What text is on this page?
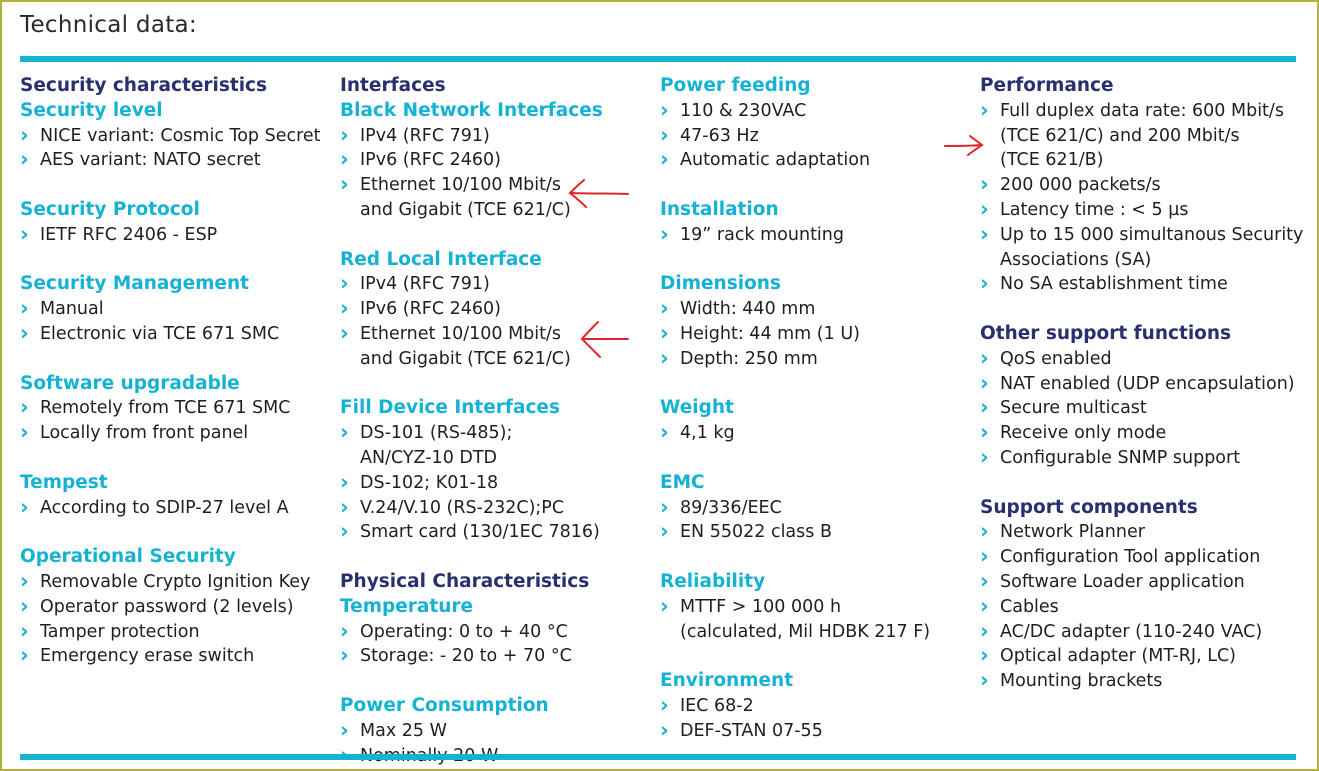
Technical data:
Security characteristics
Security level
› NICE variant: Cosmic Top Secret
› AES variant: NATO secret
Security Protocol
› IETF RFC 2406 - ESP
Security Management
› Manual
› Electronic via TCE 671 SMC
Software upgradable
› Remotely from TCE 671 SMC
› Locally from front panel
Tempest
› According to SDIP-27 level A
Operational Security
› Removable Crypto Ignition Key
› Operator password (2 levels)
› Tamper protection
› Emergency erase switch
Interfaces
Black Network Interfaces
› IPv4 (RFC 791)
› IPv6 (RFC 2460)
› Ethernet 10/100 Mbit/s
and Gigabit (TCE 621/C)
Red Local Interface
› IPv4 (RFC 791)
› IPv6 (RFC 2460)
› Ethernet 10/100 Mbit/s
and Gigabit (TCE 621/C)
Fill Device Interfaces
› DS-101 (RS-485);
AN/CYZ-10 DTD
› DS-102; K01-18
› V.24/V.10 (RS-232C);PC
› Smart card (130/1EC 7816)
Physical Characteristics
Temperature
› Operating: 0 to + 40 °C
› Storage: - 20 to + 70 °C
Power Consumption
› Max 25 W
›
Power feeding
› 110 & 230VAC
› 47-63 Hz
› Automatic adaptation
Installation
› 19” rack mounting
Dimensions
› Width: 440 mm
› Height: 44 mm (1 U)
› Depth: 250 mm
Weight
› 4,1 kg
EMC
› 89/336/EEC
› EN 55022 class B
Reliability
› MTTF > 100 000 h
(calculated, Mil HDBK 217 F)
Environment
› IEC 68-2
› DEF-STAN 07-55
Performance
› Full duplex data rate: 600 Mbit/s
(TCE 621/C) and 200 Mbit/s
(TCE 621/B)
› 200 000 packets/s
› Latency time : < 5 µs
› Up to 15 000 simultanous Security
Associations (SA)
› No SA establishment time
Other support functions
› QoS enabled
› NAT enabled (UDP encapsulation)
› Secure multicast
› Receive only mode
› Configurable SNMP support
Support components
› Network Planner
› Configuration Tool application
› Software Loader application
› Cables
› AC/DC adapter (110-240 VAC)
› Optical adapter (MT-RJ, LC)
› Mounting brackets
